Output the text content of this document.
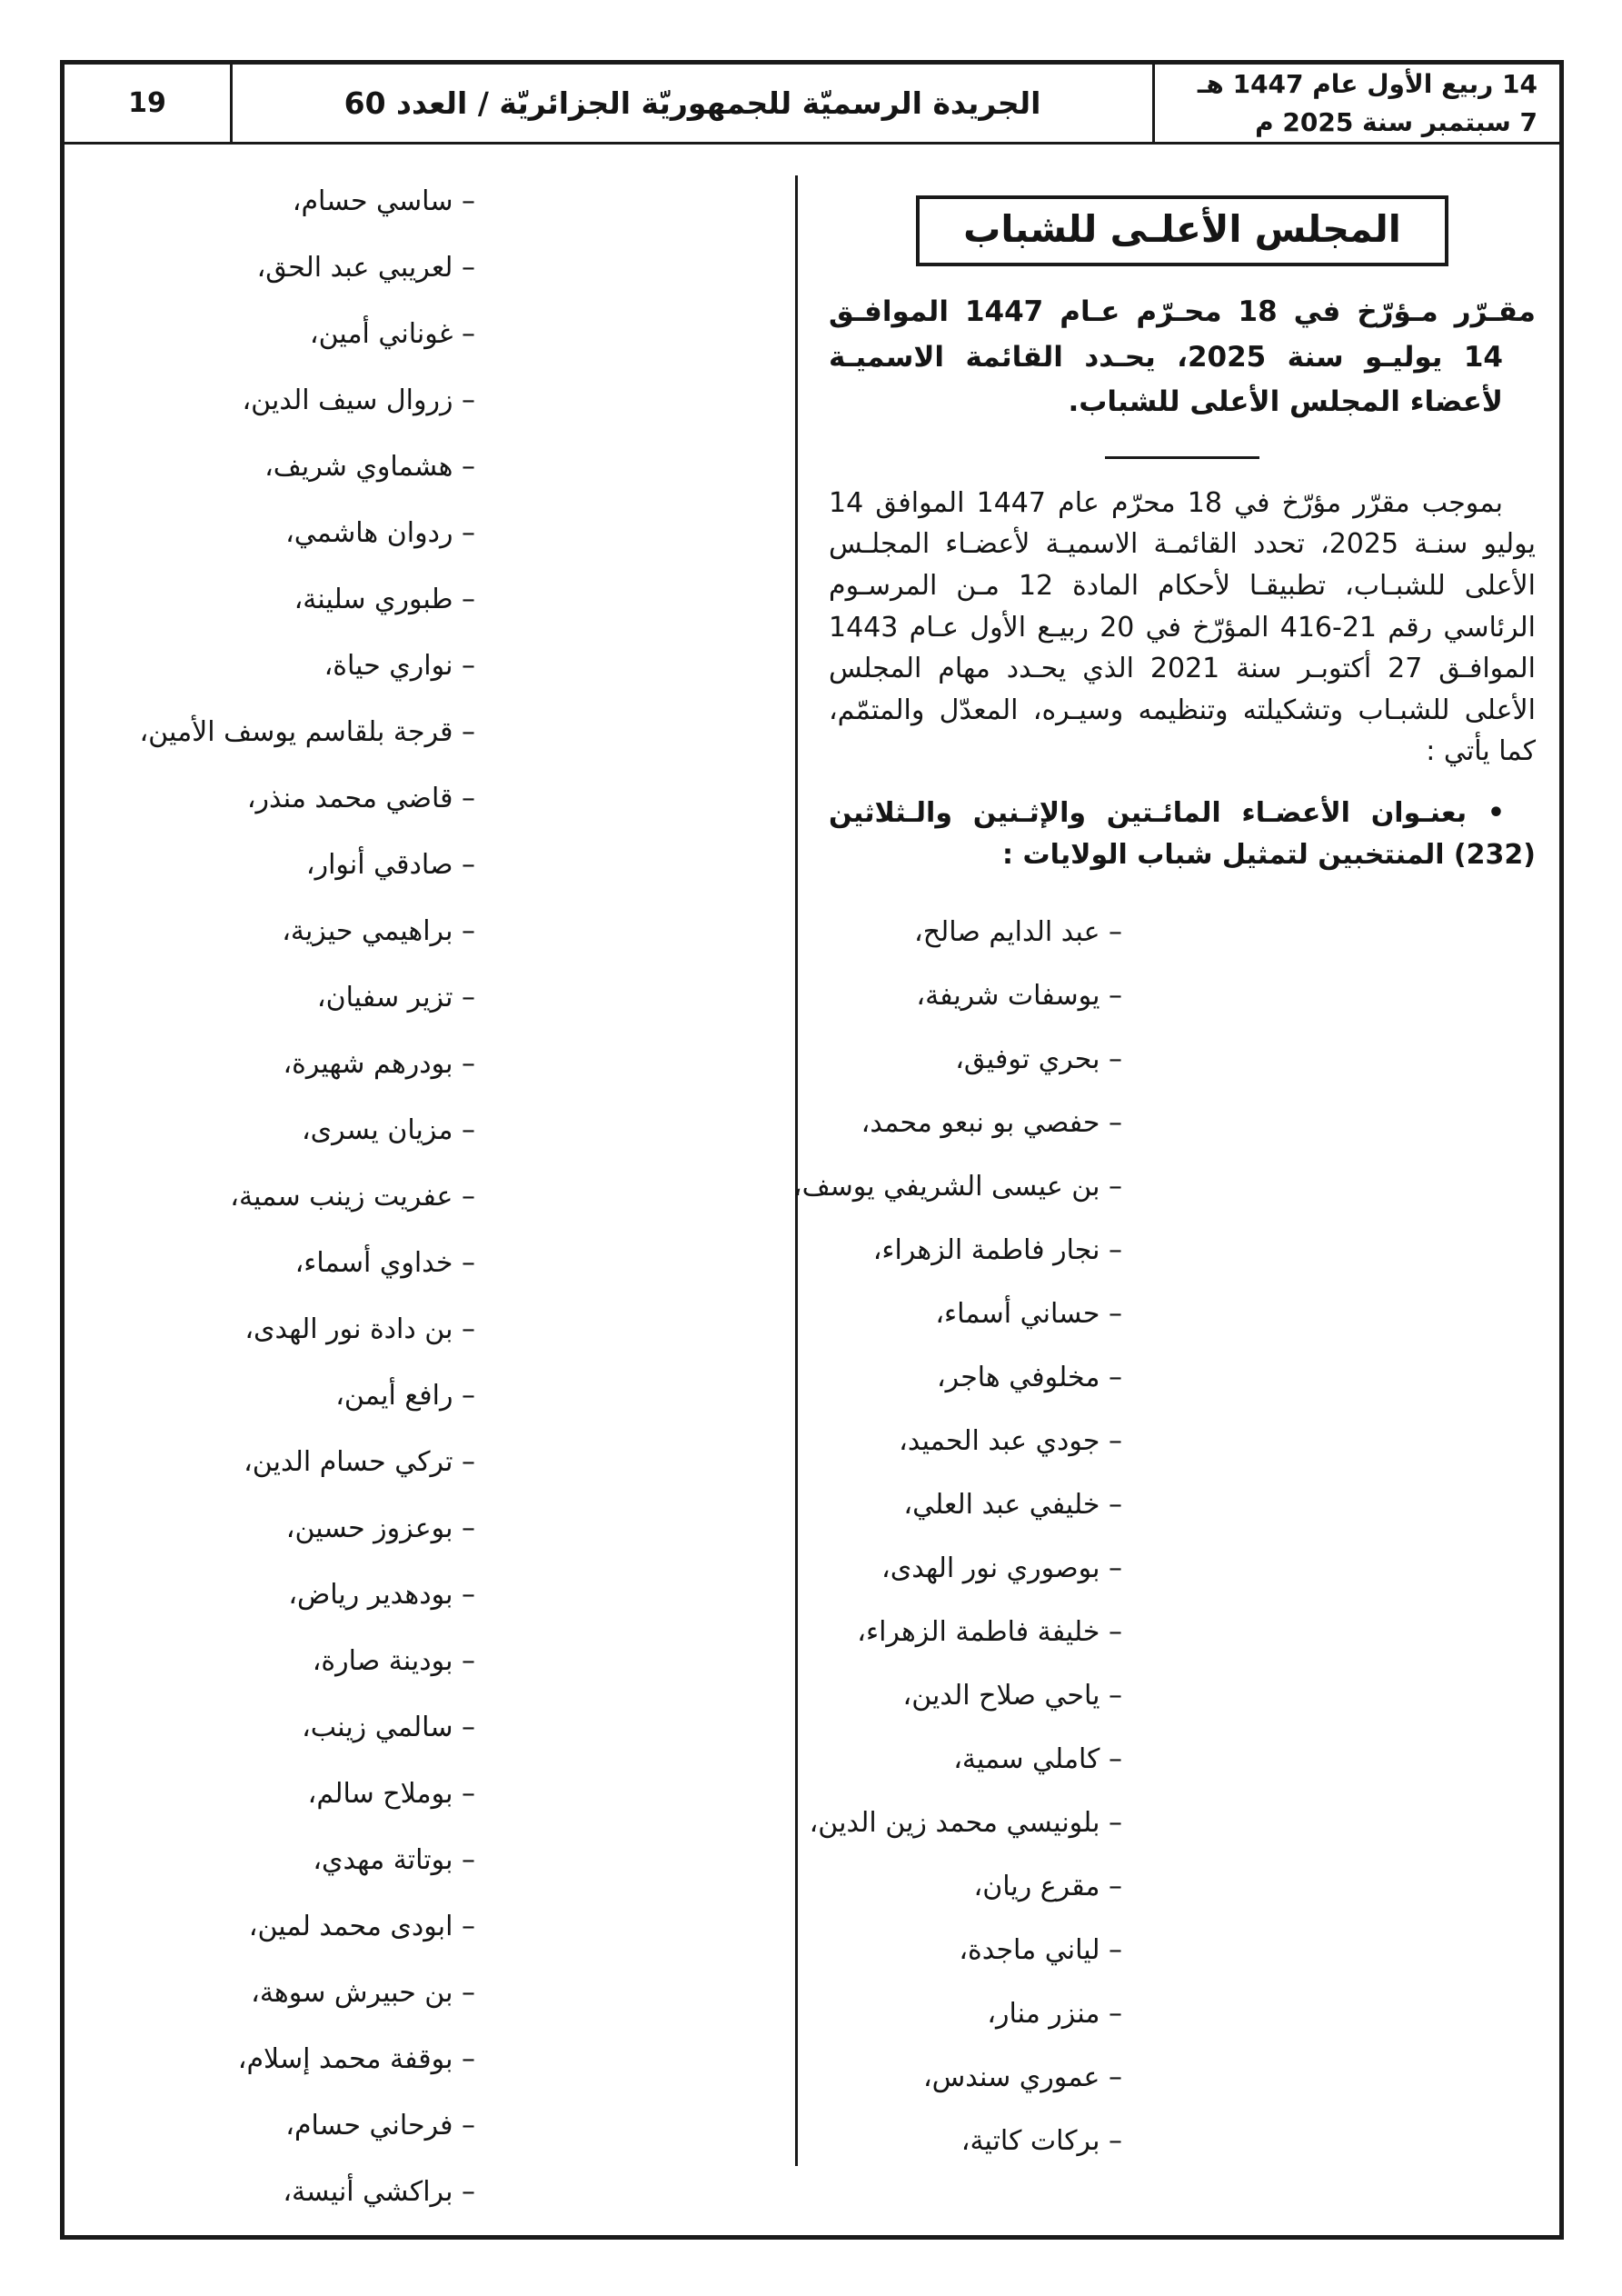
14 ربيع الأول عام 1447 هـ
7 سبتمبر سنة 2025 م
الجريدة الرسميّة للجمهوريّة الجزائريّة / العدد 60
19
المجلس الأعلـى للشباب

مقـرّر مـؤرّخ في 18 محـرّم عـام 1447 الموافـق 14 يوليـو سنة 2025، يحـدد القائمة الاسميـة لأعضاء المجلس الأعلى للشباب.

بموجب مقرّر مؤرّخ في 18 محرّم عام 1447 الموافق 14 يوليو سنـة 2025، تحدد القائمـة الاسميـة لأعضـاء المجلـس الأعلى للشبـاب، تطبيقـا لأحكام المادة 12 مـن المرسـوم الرئاسي رقم 21-416 المؤرّخ في 20 ربيـع الأول عـام 1443 الموافـق 27 أكتوبـر سنة 2021 الذي يحـدد مهام المجلس الأعلى للشبـاب وتشكيلته وتنظيمه وسيـره، المعدّل والمتمّم، كما يأتي :

• بعنـوان الأعضـاء المائـتين والإثـنين والـثلاثين (232) المنتخبين لتمثيل شباب الولايات :

– عبد الدايم صالح،
– يوسفات شريفة،
– بحري توفيق،
– حفصي بو نبعو محمد،
– بن عيسى الشريفي يوسف،
– نجار فاطمة الزهراء،
– حساني أسماء،
– مخلوفي هاجر،
– جودي عبد الحميد،
– خليفي عبد العلي،
– بوصوري نور الهدى،
– خليفة فاطمة الزهراء،
– ياحي صلاح الدين،
– كاملي سمية،
– بلونيسي محمد زين الدين،
– مقرع ريان،
– لياني ماجدة،
– منزر منار،
– عموري سندس،
– بركات كاتية،
– ساسي حسام،
– لعريبي عبد الحق،
– غوناني أمين،
– زروال سيف الدين،
– هشماوي شريف،
– ردوان هاشمي،
– طبوري سلينة،
– نواري حياة،
– قرجة بلقاسم يوسف الأمين،
– قاضي محمد منذر،
– صادقي أنوار،
– براهيمي حيزية،
– تزير سفيان،
– بودرهم شهيرة،
– مزيان يسرى،
– عفريت زينب سمية،
– خداوي أسماء،
– بن دادة نور الهدى،
– رافع أيمن،
– تركي حسام الدين،
– بوعزوز حسين،
– بودهدير رياض،
– بودينة صارة،
– سالمي زينب،
– بوملاح سالم،
– بوتاتة مهدي،
– ابودى محمد لمين،
– بن حبيرش سوهة،
– بوقفة محمد إسلام،
– فرحاني حسام،
– براكشي أنيسة،
